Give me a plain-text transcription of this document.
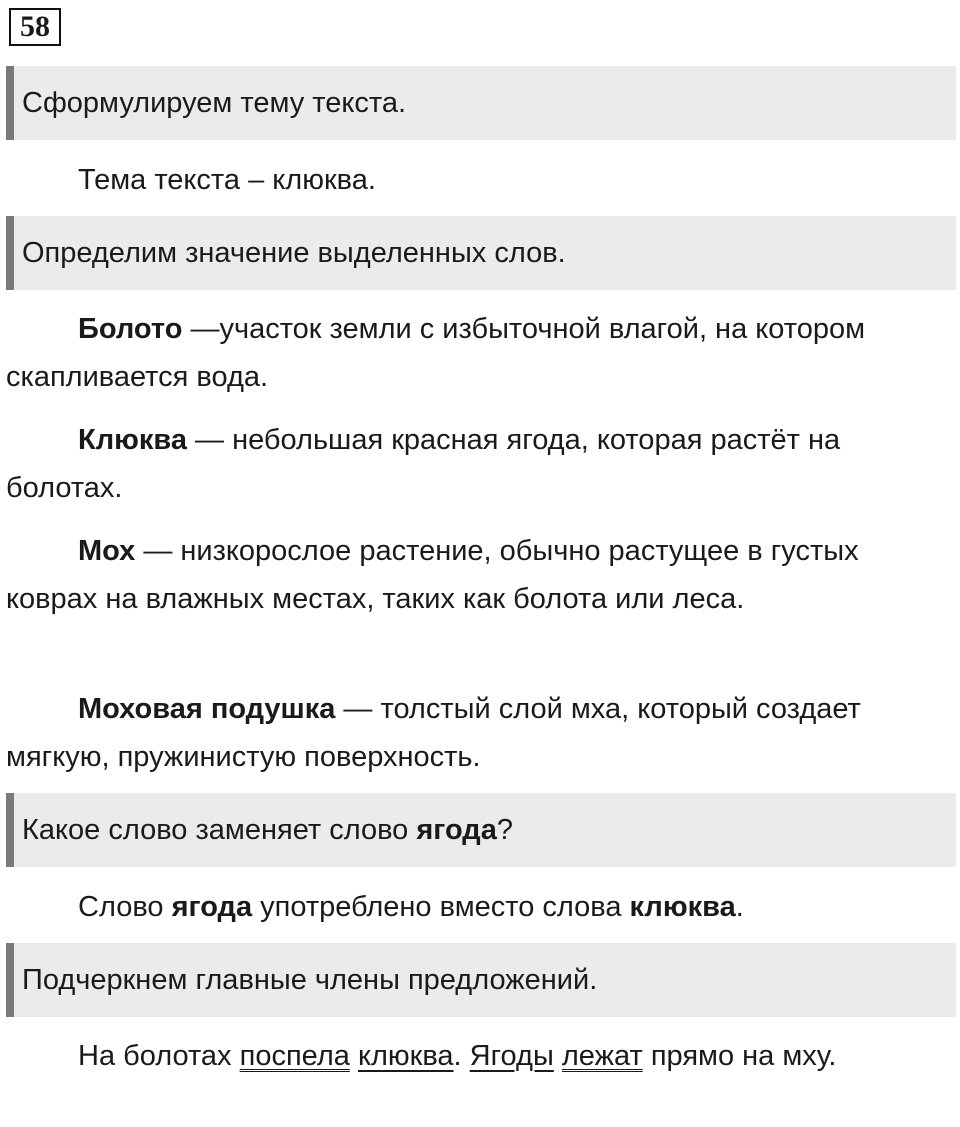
58
Сформулируем тему текста.
Тема текста – клюква.
Определим значение выделенных слов.
Болото —участок земли с избыточной влагой, на котором скапливается вода.
Клюква — небольшая красная ягода, которая растёт на болотах.
Мох — низкорослое растение, обычно растущее в густых коврах на влажных местах, таких как болота или леса.
Моховая подушка — толстый слой мха, который создает мягкую, пружинистую поверхность.
Какое слово заменяет слово ягода?
Слово ягода употреблено вместо слова клюква.
Подчеркнем главные члены предложений.
На болотах поспела клюква. Ягоды лежат прямо на мху.
